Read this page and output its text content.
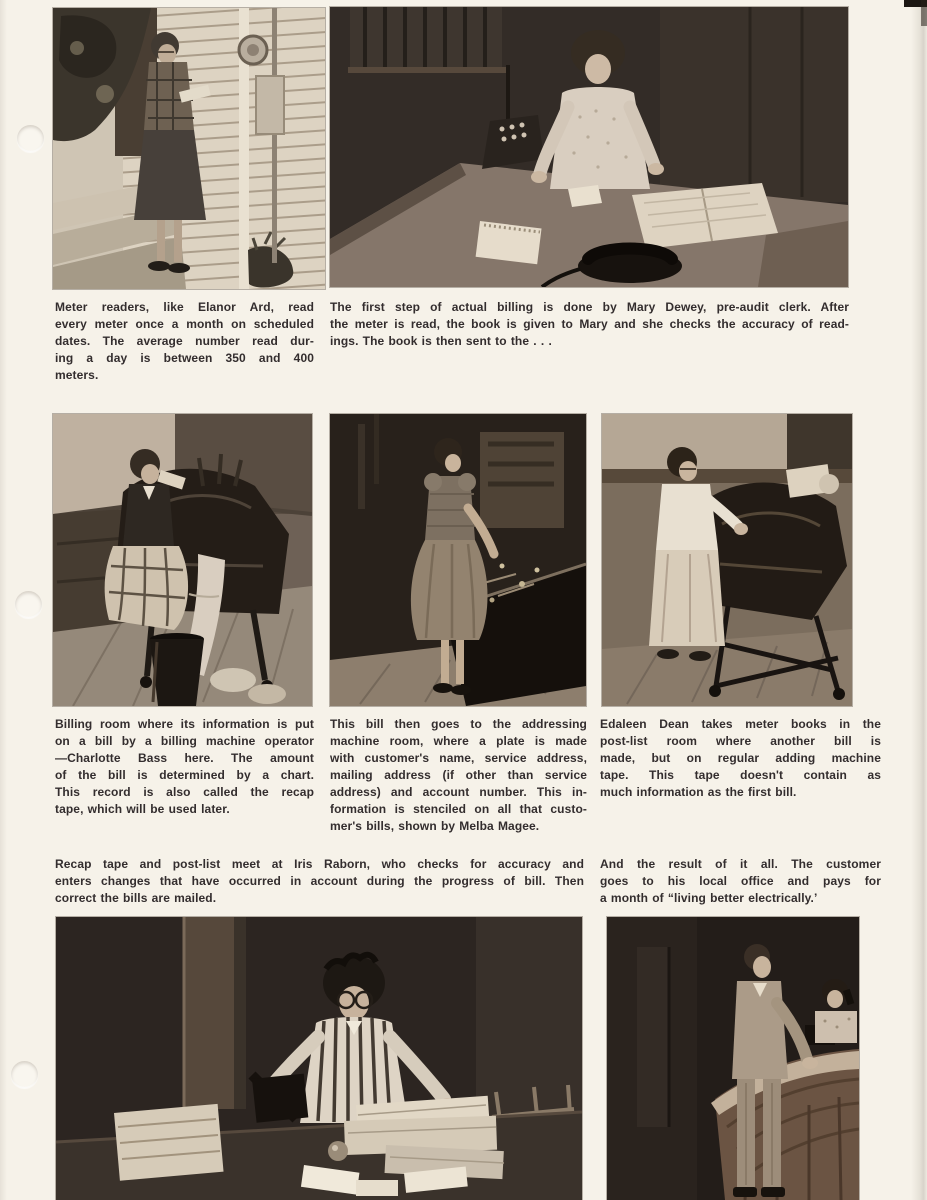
Meter readers, like Elanor Ard, read
every meter once a month on scheduled
dates. The average number read dur-
ing a day is between 350 and 400
meters.
The first step of actual billing is done by Mary Dewey, pre-audit clerk. After
the meter is read, the book is given to Mary and she checks the accuracy of read-
ings. The book is then sent to the . . .
Billing room where its information is put
on a bill by a billing machine operator
—Charlotte Bass here. The amount
of the bill is determined by a chart.
This record is also called the recap
tape, which will be used later.
This bill then goes to the addressing
machine room, where a plate is made
with customer's name, service address,
mailing address (if other than service
address) and account number. This in-
formation is stenciled on all that custo-
mer's bills, shown by Melba Magee.
Edaleen Dean takes meter books in the
post-list room where another bill is
made, but on regular adding machine
tape. This tape doesn't contain as
much information as the first bill.
Recap tape and post-list meet at Iris Raborn, who checks for accuracy and
enters changes that have occurred in account during the progress of bill. Then
correct the bills are mailed.
And the result of it all. The customer
goes to his local office and pays for
a month of “living better electrically.’
